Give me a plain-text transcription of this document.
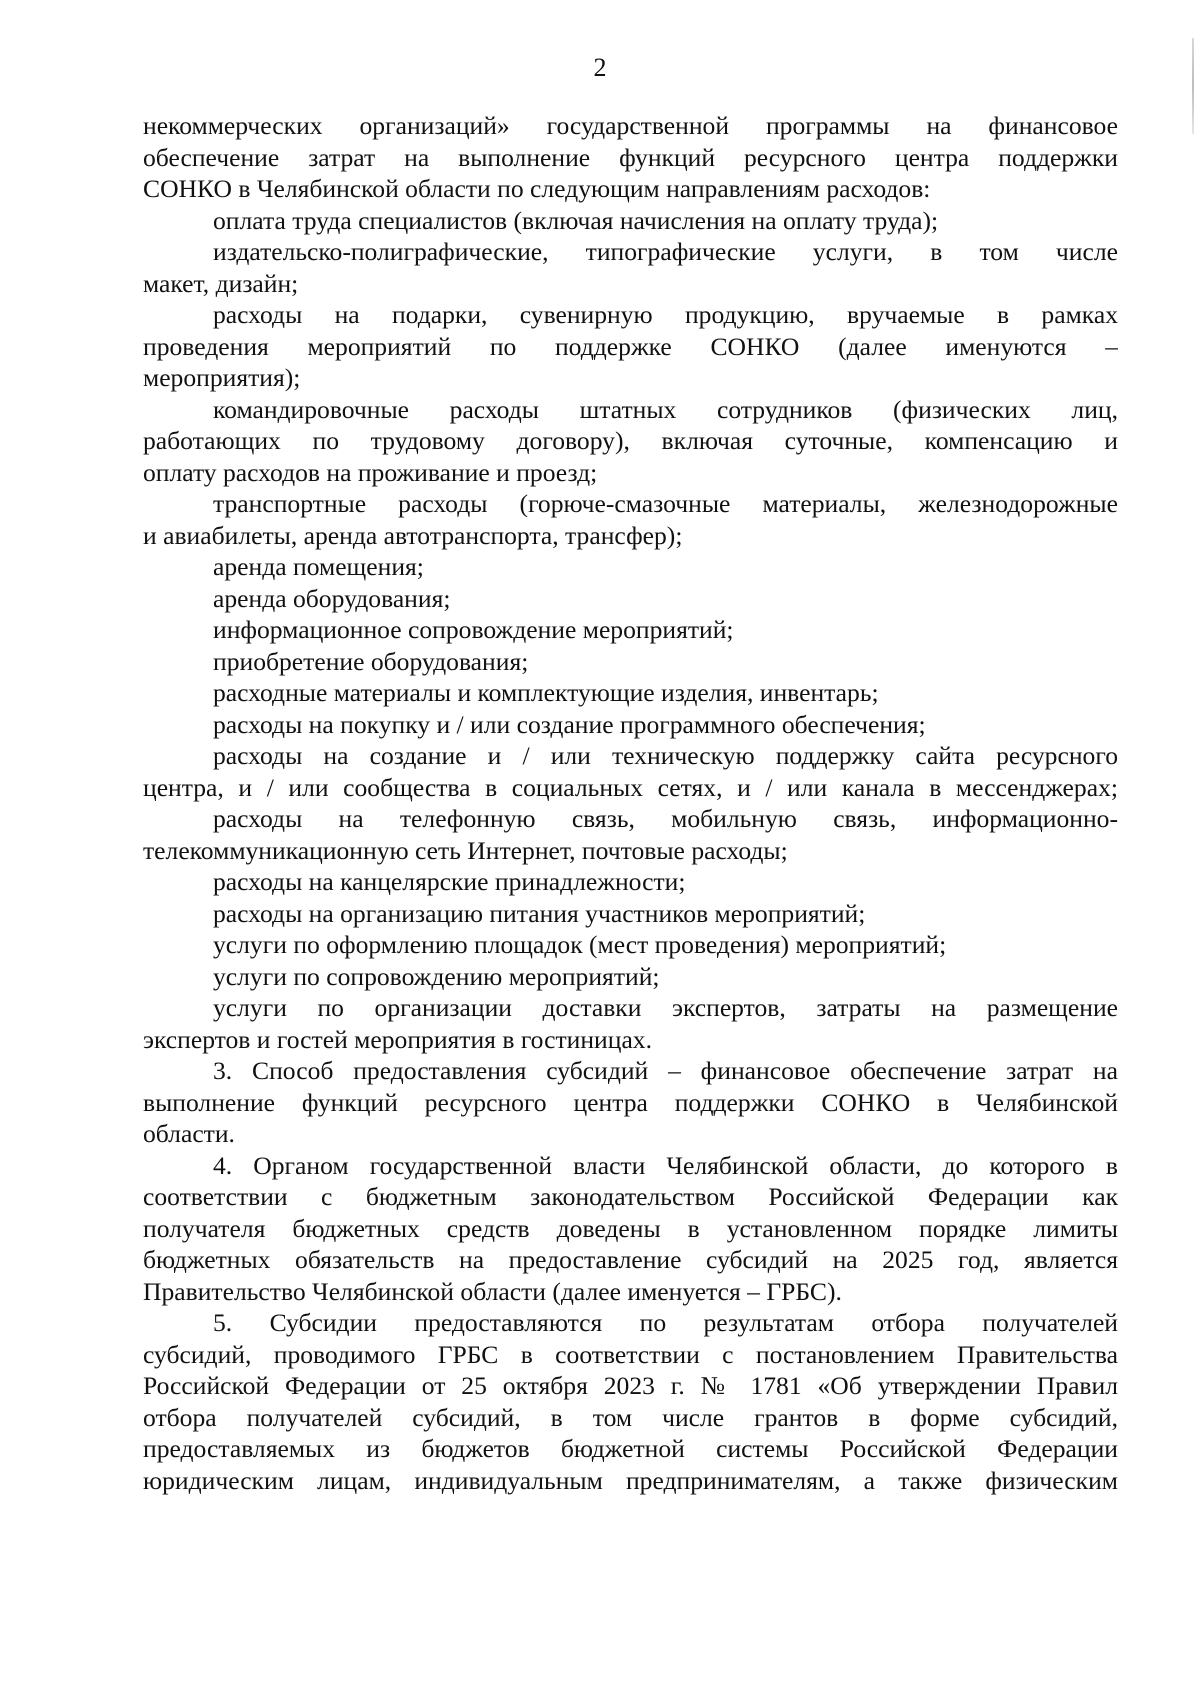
2
некоммерческих организаций» государственной программы на финансовое
обеспечение затрат на выполнение функций ресурсного центра поддержки
СОНКО в Челябинской области по следующим направлениям расходов:
оплата труда специалистов (включая начисления на оплату труда);
издательско-полиграфические, типографические услуги, в том числе
макет, дизайн;
расходы на подарки, сувенирную продукцию, вручаемые в рамках
проведения мероприятий по поддержке СОНКО (далее именуются –
мероприятия);
командировочные расходы штатных сотрудников (физических лиц,
работающих по трудовому договору), включая суточные, компенсацию и
оплату расходов на проживание и проезд;
транспортные расходы (горюче-смазочные материалы, железнодорожные
и авиабилеты, аренда автотранспорта, трансфер);
аренда помещения;
аренда оборудования;
информационное сопровождение мероприятий;
приобретение оборудования;
расходные материалы и комплектующие изделия, инвентарь;
расходы на покупку и / или создание программного обеспечения;
расходы на создание и / или техническую поддержку сайта ресурсного
центра, и / или сообщества в социальных сетях, и / или канала в мессенджерах;
расходы на телефонную связь, мобильную связь, информационно-
телекоммуникационную сеть Интернет, почтовые расходы;
расходы на канцелярские принадлежности;
расходы на организацию питания участников мероприятий;
услуги по оформлению площадок (мест проведения) мероприятий;
услуги по сопровождению мероприятий;
услуги по организации доставки экспертов, затраты на размещение
экспертов и гостей мероприятия в гостиницах.
3. Способ предоставления субсидий – финансовое обеспечение затрат на
выполнение функций ресурсного центра поддержки СОНКО в Челябинской
области.
4. Органом государственной власти Челябинской области, до которого в
соответствии с бюджетным законодательством Российской Федерации как
получателя бюджетных средств доведены в установленном порядке лимиты
бюджетных обязательств на предоставление субсидий на 2025 год, является
Правительство Челябинской области (далее именуется – ГРБС).
5. Субсидии предоставляются по результатам отбора получателей
субсидий, проводимого ГРБС в соответствии с постановлением Правительства
Российской Федерации от 25 октября 2023 г. № 1781 «Об утверждении Правил
отбора получателей субсидий, в том числе грантов в форме субсидий,
предоставляемых из бюджетов бюджетной системы Российской Федерации
юридическим лицам, индивидуальным предпринимателям, а также физическим
